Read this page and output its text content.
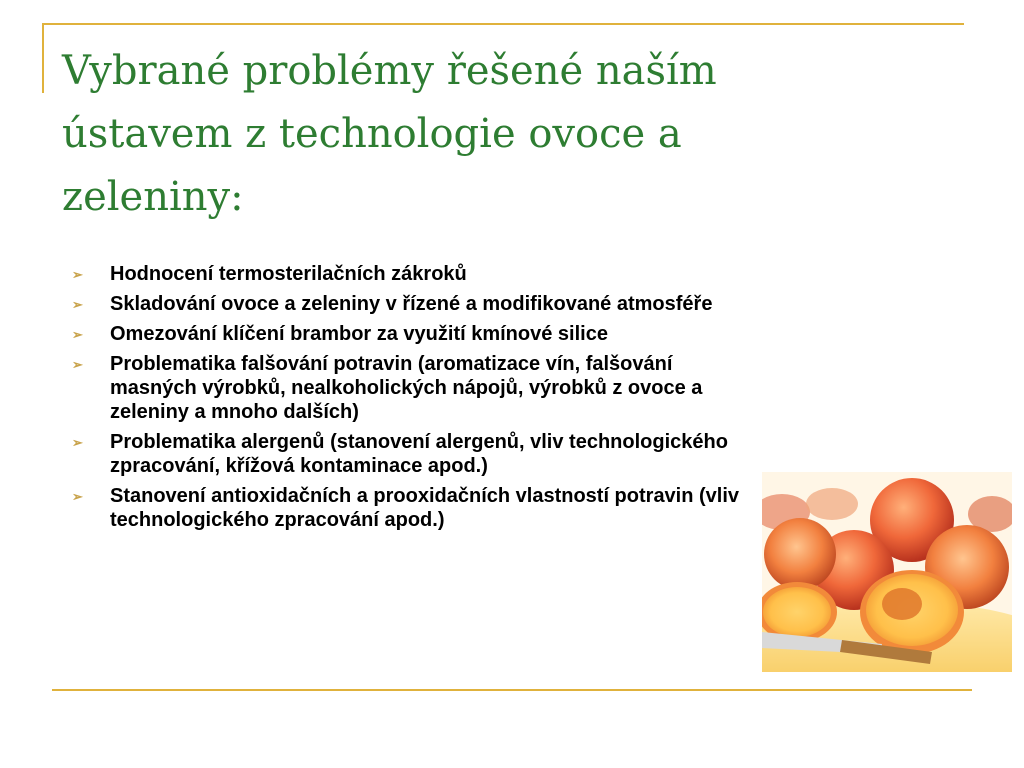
Vybrané problémy řešené naším ústavem z technologie ovoce a zeleniny:
➢ Hodnocení termosterilačních zákroků
➢ Skladování ovoce a zeleniny v řízené a modifikované atmosféře
➢ Omezování klíčení brambor za využití kmínové silice
➢ Problematika falšování potravin (aromatizace vín, falšování masných výrobků, nealkoholických nápojů, výrobků z ovoce a zeleniny a mnoho dalších)
➢ Problematika alergenů (stanovení alergenů, vliv technologického zpracování, křížová kontaminace apod.)
➢ Stanovení antioxidačních a prooxidačních vlastností potravin (vliv technologického zpracování apod.)
